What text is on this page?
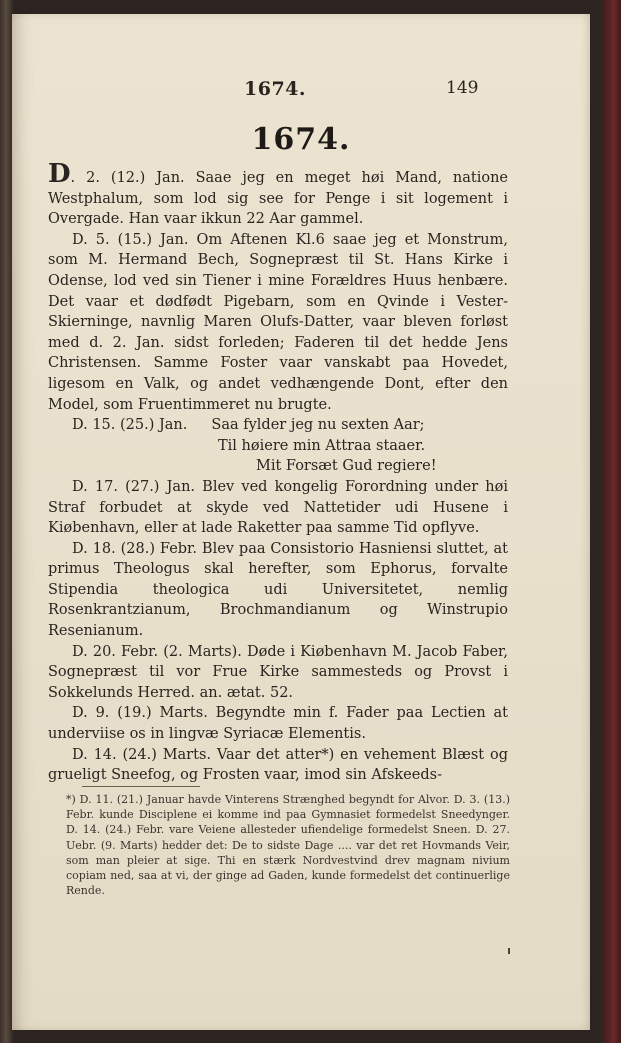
1674.	149
1674.

D. 2. (12.) Jan. Saae jeg en meget høi Mand, natione Westphalum, som lod sig see for Penge i sit logement i Overgade. Han vaar ikkun 22 Aar gammel.

D. 5. (15.) Jan. Om Aftenen Kl.6 saae jeg et Monstrum, som M. Hermand Bech, Sognepræst til St. Hans Kirke i Odense, lod ved sin Tiener i mine Forældres Huus henbære. Det vaar et dødfødt Pigebarn, som en Qvinde i Vester-Skierninge, navnlig Maren Olufs-Datter, vaar bleven forløst med d. 2. Jan. sidst forleden; Faderen til det hedde Jens Christensen. Samme Foster vaar vanskabt paa Hovedet, ligesom en Valk, og andet vedhængende Dont, efter den Model, som Fruentimmeret nu brugte.

D. 15. (25.) Jan. Saa fylder jeg nu sexten Aar;
Til høiere min Attraa staaer.
Mit Forsæt Gud regiere!

D. 17. (27.) Jan. Blev ved kongelig Forordning under høi Straf forbudet at skyde ved Nattetider udi Husene i Kiøbenhavn, eller at lade Raketter paa samme Tid opflyve.

D. 18. (28.) Febr. Blev paa Consistorio Hasniensi sluttet, at primus Theologus skal herefter, som Ephorus, forvalte Stipendia theologica udi Universitetet, nemlig Rosenkrantzianum, Brochmandianum og Winstrupio Resenianum.

D. 20. Febr. (2. Marts). Døde i Kiøbenhavn M. Jacob Faber, Sognepræst til vor Frue Kirke sammesteds og Provst i Sokkelunds Herred. an. ætat. 52.

D. 9. (19.) Marts. Begyndte min f. Fader paa Lectien at underviise os in lingvæ Syriacæ Elementis.

D. 14. (24.) Marts. Vaar det atter*) en vehement Blæst og grueligt Sneefog, og Frosten vaar, imod sin Afskeeds-

*) D. 11. (21.) Januar havde Vinterens Strænghed begyndt for Alvor. D. 3. (13.) Febr. kunde Disciplene ei komme ind paa Gymnasiet formedelst Sneedynger. D. 14. (24.) Febr. vare Veiene allesteder ufiendelige formedelst Sneen. D. 27. Uebr. (9. Marts) hedder det: De to sidste Dage .... var det ret Hovmands Veir, som man pleier at sige. Thi en stærk Nordvestvind drev magnam nivium copiam ned, saa at vi, der ginge ad Gaden, kunde formedelst det continuerlige Rende.
